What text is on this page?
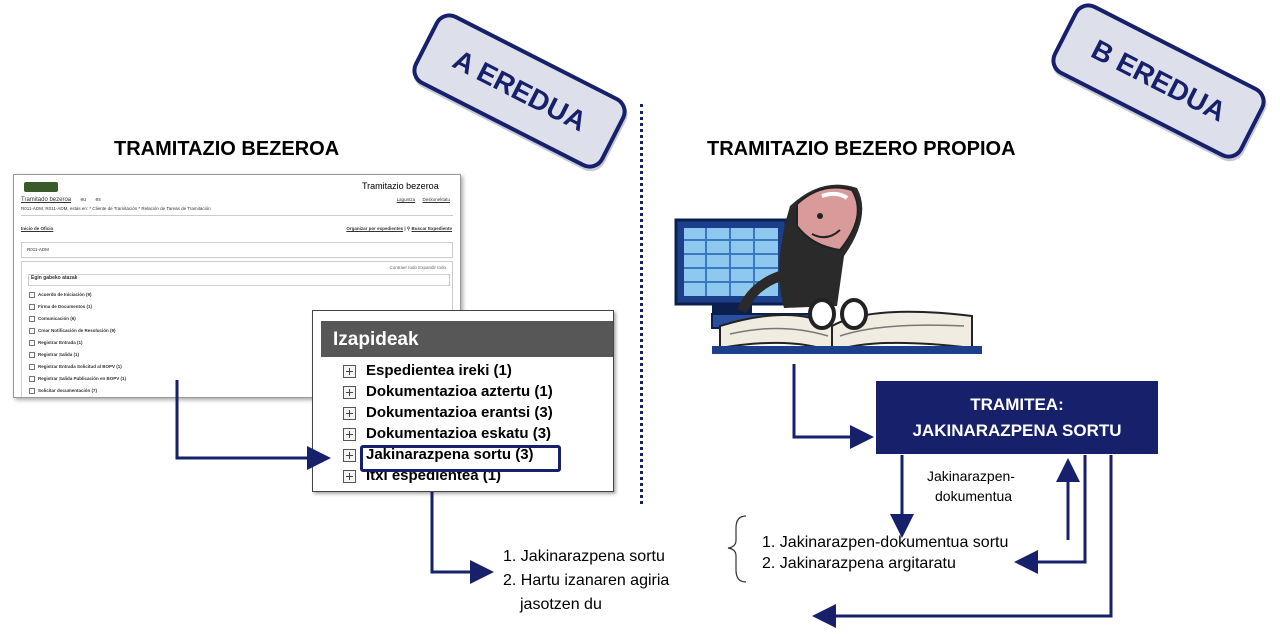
A EREDUA	B EREDUA
TRAMITAZIO BEZEROA	TRAMITAZIO BEZERO PROPIOA
Tramitazio bezeroa
Tramitado bezeroa eu es	Laguntza Deskonektatu
R011-ADM, R011-ADM, estás en: * Cliente de Tramitación * Relación de Tareas de Tramitación
Inicio de Oficio	Organizar por expedientes | ⚲ Buscar Expediente
R011-ADM
Contraer todo Expandir todo
Egin gabeko atazak
Acuerdo de Iniciación (9)
Firma de Documentos (1)
Comunicación (6)
Crear Notificación de Resolución (9)
Registrar Entrada (1)
Registrar Salida (1)
Registrar Entrada Solicitud al BOPV (1)
Registrar Salida Publicación en BOPV (1)
Solicitar documentación (7)
Izapideak
Espedientea ireki (1)
Dokumentazioa aztertu (1)
Dokumentazioa erantsi (3)
Dokumentazioa eskatu (3)
Jakinarazpena sortu (3)
Itxi espedientea (1)
TRAMITEA:
JAKINARAZPENA SORTU
1. Jakinarazpena sortu
2. Hartu izanaren agiria
jasotzen du
Jakinarazpen-
dokumentua
1. Jakinarazpen-dokumentua sortu
2. Jakinarazpena argitaratu
